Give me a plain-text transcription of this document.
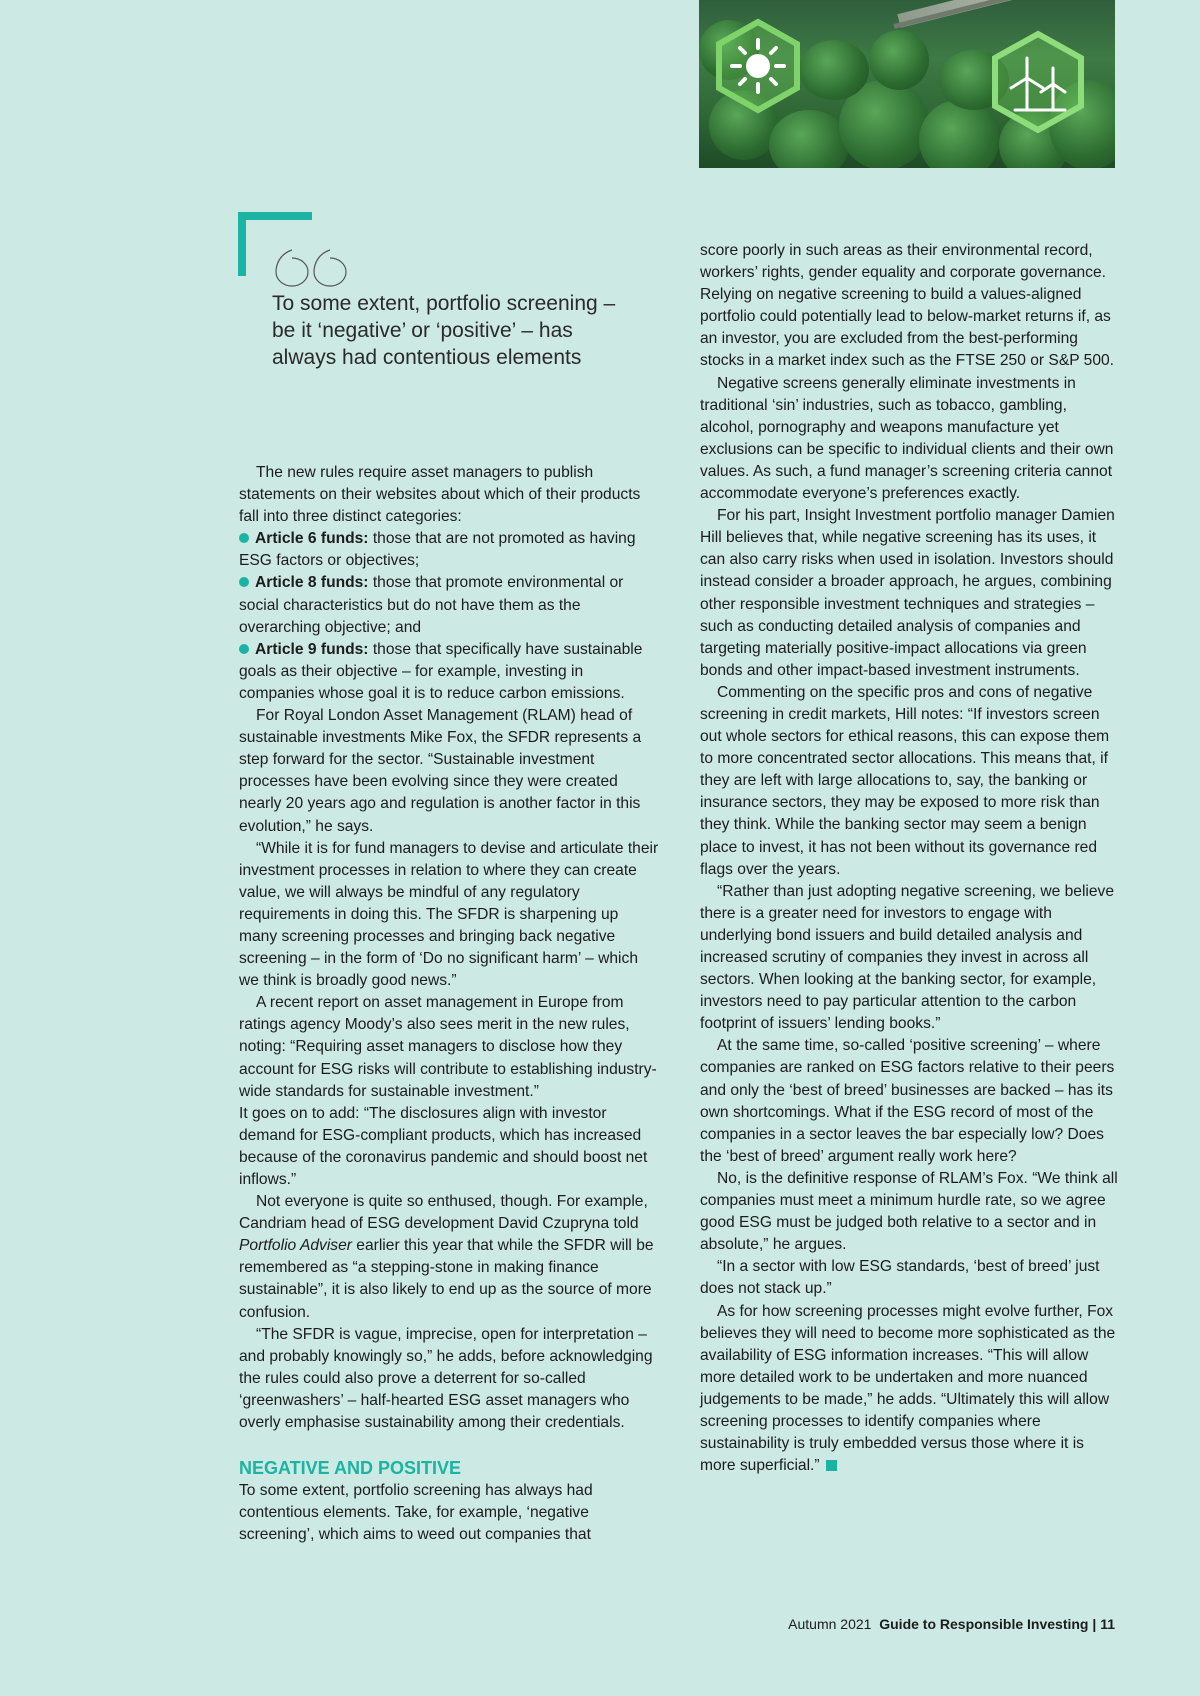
To some extent, portfolio screening – be it ‘negative’ or ‘positive’ – has always had contentious elements

The new rules require asset managers to publish statements on their websites about which of their products fall into three distinct categories:

Article 6 funds: those that are not promoted as having ESG factors or objectives;

Article 8 funds: those that promote environmental or social characteristics but do not have them as the overarching objective; and

Article 9 funds: those that specifically have sustainable goals as their objective – for example, investing in companies whose goal it is to reduce carbon emissions.

For Royal London Asset Management (RLAM) head of sustainable investments Mike Fox, the SFDR represents a step forward for the sector. “Sustainable investment processes have been evolving since they were created nearly 20 years ago and regulation is another factor in this evolution,” he says.

“While it is for fund managers to devise and articulate their investment processes in relation to where they can create value, we will always be mindful of any regulatory requirements in doing this. The SFDR is sharpening up many screening processes and bringing back negative screening – in the form of ‘Do no significant harm’ – which we think is broadly good news.”

A recent report on asset management in Europe from ratings agency Moody’s also sees merit in the new rules, noting: “Requiring asset managers to disclose how they account for ESG risks will contribute to establishing industry-wide standards for sustainable investment.”

It goes on to add: “The disclosures align with investor demand for ESG-compliant products, which has increased because of the coronavirus pandemic and should boost net inflows.”

Not everyone is quite so enthused, though. For example, Candriam head of ESG development David Czupryna told Portfolio Adviser earlier this year that while the SFDR will be remembered as “a stepping-stone in making finance sustainable”, it is also likely to end up as the source of more confusion.

“The SFDR is vague, imprecise, open for interpretation – and probably knowingly so,” he adds, before acknowledging the rules could also prove a deterrent for so-called ‘greenwashers’ – half-hearted ESG asset managers who overly emphasise sustainability among their credentials.

NEGATIVE AND POSITIVE

To some extent, portfolio screening has always had contentious elements. Take, for example, ‘negative screening’, which aims to weed out companies that

score poorly in such areas as their environmental record, workers’ rights, gender equality and corporate governance. Relying on negative screening to build a values-aligned portfolio could potentially lead to below-market returns if, as an investor, you are excluded from the best-performing stocks in a market index such as the FTSE 250 or S&P 500.

Negative screens generally eliminate investments in traditional ‘sin’ industries, such as tobacco, gambling, alcohol, pornography and weapons manufacture yet exclusions can be specific to individual clients and their own values. As such, a fund manager’s screening criteria cannot accommodate everyone’s preferences exactly.

For his part, Insight Investment portfolio manager Damien Hill believes that, while negative screening has its uses, it can also carry risks when used in isolation. Investors should instead consider a broader approach, he argues, combining other responsible investment techniques and strategies – such as conducting detailed analysis of companies and targeting materially positive-impact allocations via green bonds and other impact-based investment instruments.

Commenting on the specific pros and cons of negative screening in credit markets, Hill notes: “If investors screen out whole sectors for ethical reasons, this can expose them to more concentrated sector allocations. This means that, if they are left with large allocations to, say, the banking or insurance sectors, they may be exposed to more risk than they think. While the banking sector may seem a benign place to invest, it has not been without its governance red flags over the years.

“Rather than just adopting negative screening, we believe there is a greater need for investors to engage with underlying bond issuers and build detailed analysis and increased scrutiny of companies they invest in across all sectors. When looking at the banking sector, for example, investors need to pay particular attention to the carbon footprint of issuers’ lending books.”

At the same time, so-called ‘positive screening’ – where companies are ranked on ESG factors relative to their peers and only the ‘best of breed’ businesses are backed – has its own shortcomings. What if the ESG record of most of the companies in a sector leaves the bar especially low? Does the ‘best of breed’ argument really work here?

No, is the definitive response of RLAM’s Fox. “We think all companies must meet a minimum hurdle rate, so we agree good ESG must be judged both relative to a sector and in absolute,” he argues.

“In a sector with low ESG standards, ‘best of breed’ just does not stack up.”

As for how screening processes might evolve further, Fox believes they will need to become more sophisticated as the availability of ESG information increases. “This will allow more detailed work to be undertaken and more nuanced judgements to be made,” he adds. “Ultimately this will allow screening processes to identify companies where sustainability is truly embedded versus those where it is more superficial.”

Autumn 2021 Guide to Responsible Investing | 11
